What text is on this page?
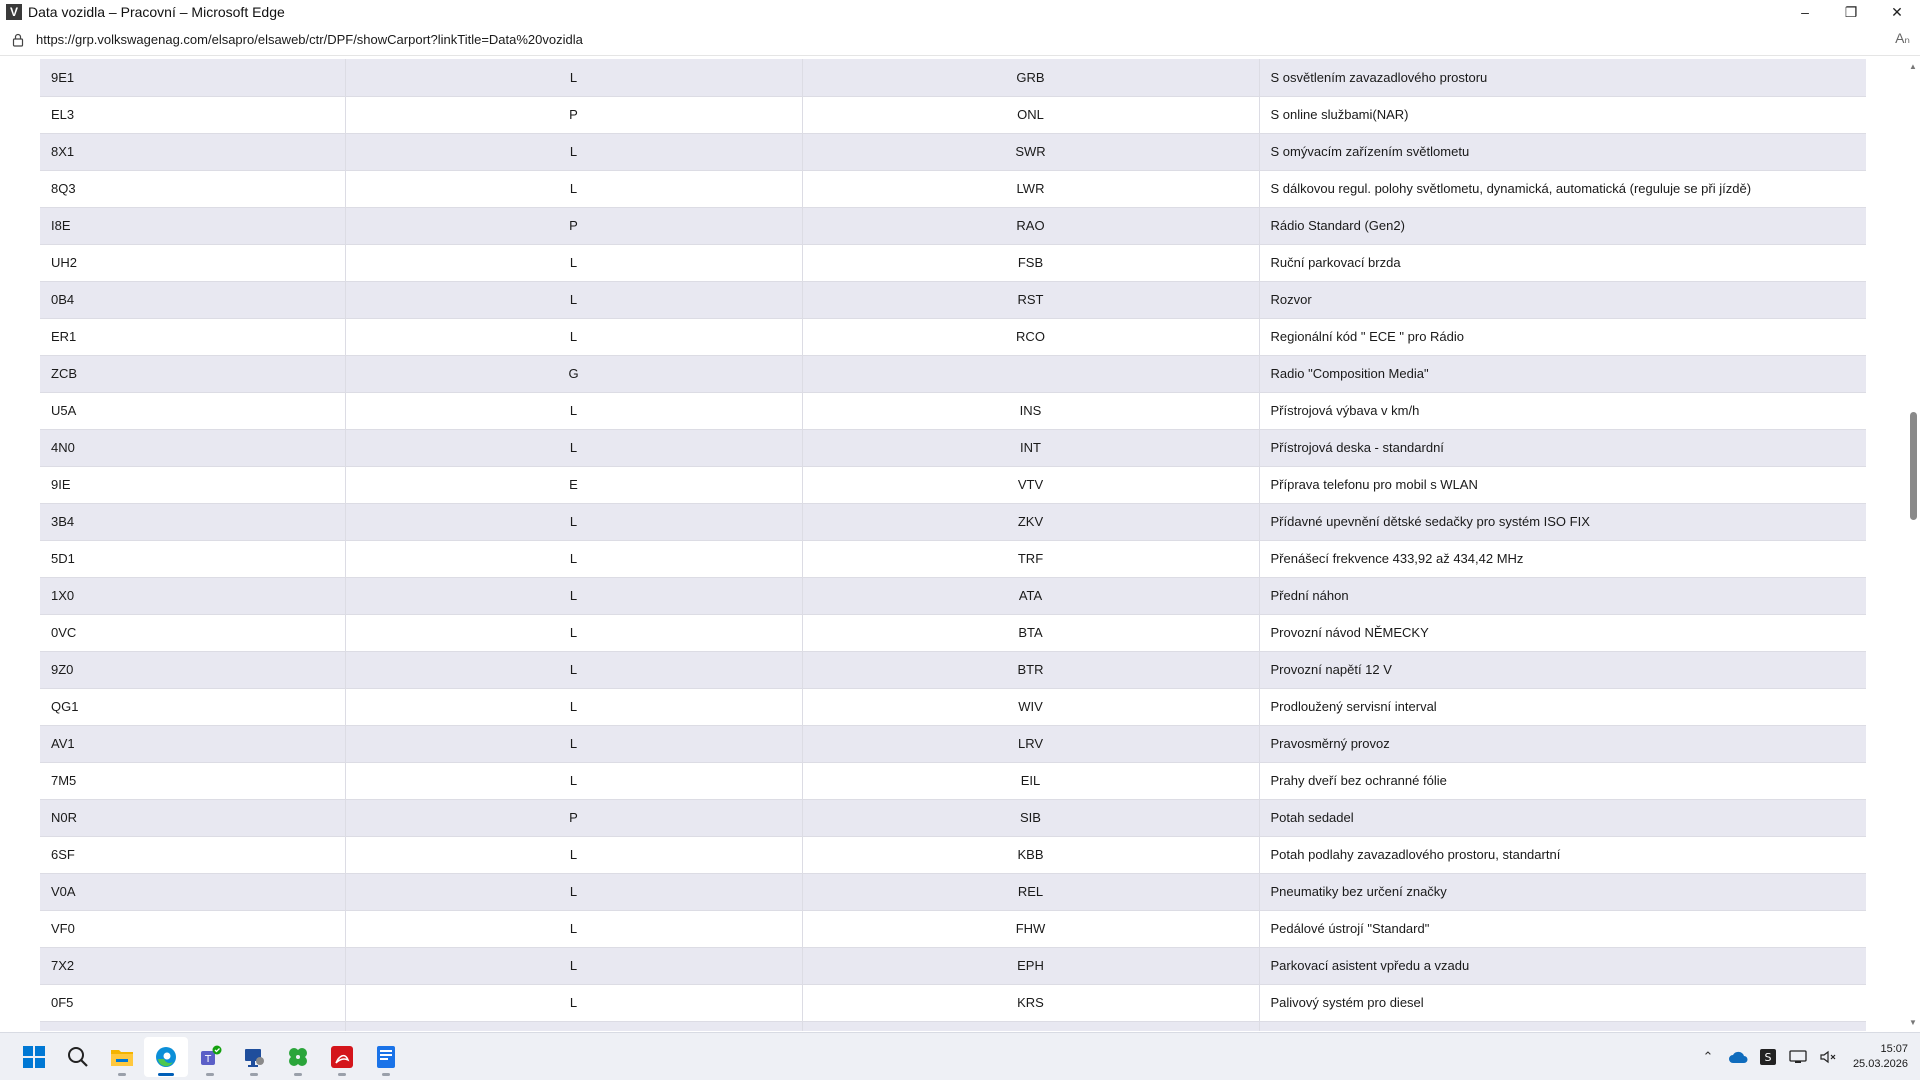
V Data vozidla – Pracovní – Microsoft Edge	–	❐	✕
https://grp.volkswagenag.com/elsapro/elsaweb/ctr/DPF/showCarport?linkTitle=Data%20vozidla	Aₙ
9E1	L	GRB	S osvětlením zavazadlového prostoru
EL3	P	ONL	S online službami(NAR)
8X1	L	SWR	S omývacím zařízením světlometu
8Q3	L	LWR	S dálkovou regul. polohy světlometu, dynamická, automatická (reguluje se při jízdě)
I8E	P	RAO	Rádio Standard (Gen2)
UH2	L	FSB	Ruční parkovací brzda
0B4	L	RST	Rozvor
ER1	L	RCO	Regionální kód " ECE " pro Rádio
ZCB	G		Radio "Composition Media"
U5A	L	INS	Přístrojová výbava v km/h
4N0	L	INT	Přístrojová deska - standardní
9IE	E	VTV	Příprava telefonu pro mobil s WLAN
3B4	L	ZKV	Přídavné upevnění dětské sedačky pro systém ISO FIX
5D1	L	TRF	Přenášecí frekvence 433,92 až 434,42 MHz
1X0	L	ATA	Přední náhon
0VC	L	BTA	Provozní návod NĚMECKY
9Z0	L	BTR	Provozní napětí 12 V
QG1	L	WIV	Prodloužený servisní interval
AV1	L	LRV	Pravosměrný provoz
7M5	L	EIL	Prahy dveří bez ochranné fólie
N0R	P	SIB	Potah sedadel
6SF	L	KBB	Potah podlahy zavazadlového prostoru, standartní
V0A	L	REL	Pneumatiky bez určení značky
VF0	L	FHW	Pedálové ústrojí "Standard"
7X2	L	EPH	Parkovací asistent vpředu a vzadu
0F5	L	KRS	Palivový systém pro diesel

▲
▼
T	⌃	S
15:07
25.03.2026
